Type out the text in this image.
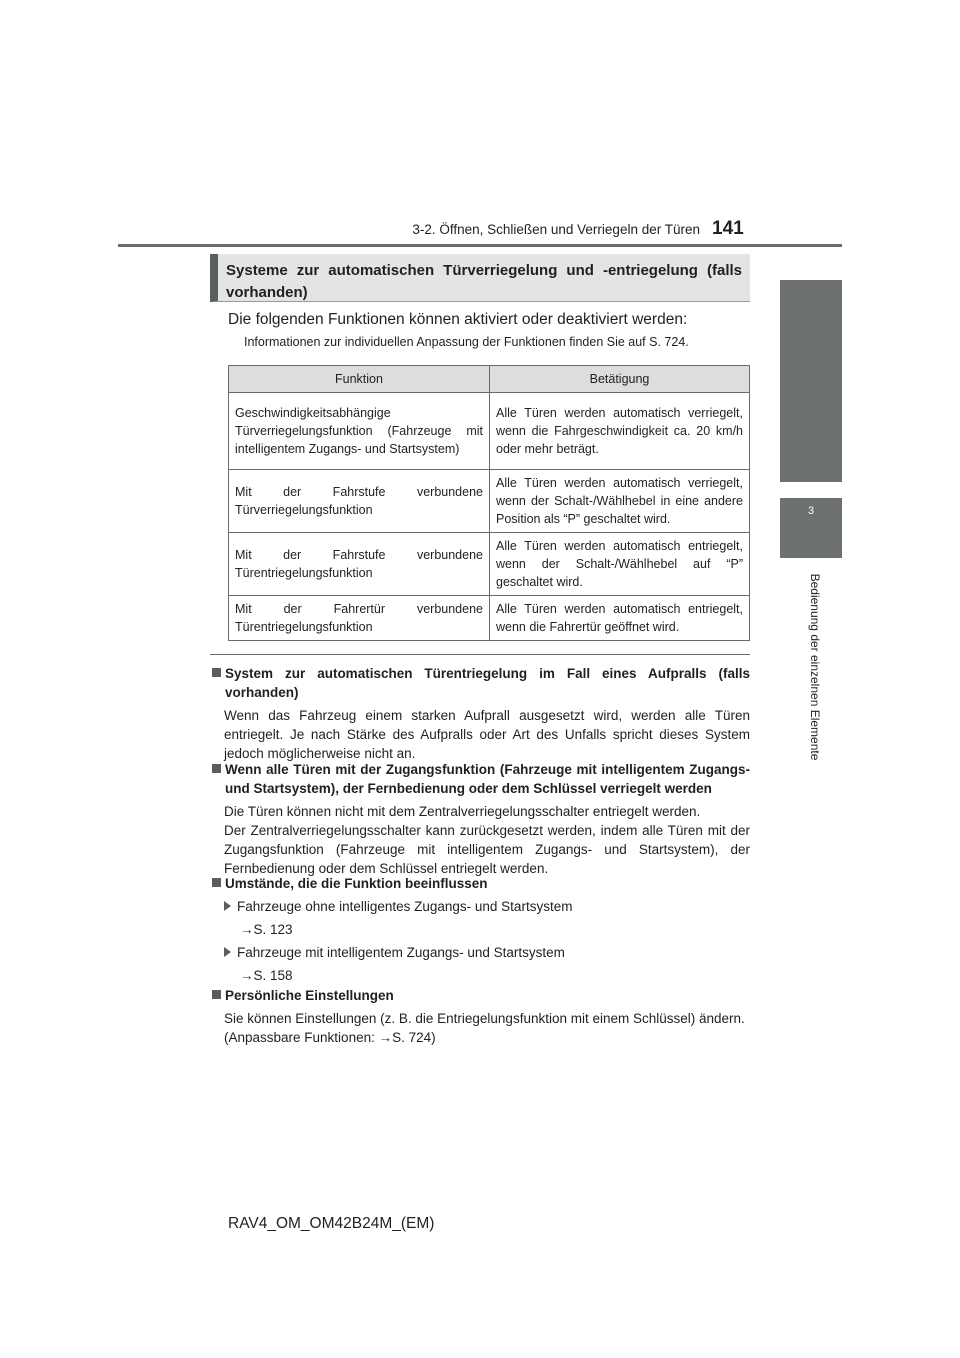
3-2. Öffnen, Schließen und Verriegeln der Türen 141
3
Bedienung der einzelnen Elemente
Systeme zur automatischen Türverriegelung und -entriegelung (falls vorhanden)
Die folgenden Funktionen können aktiviert oder deaktiviert werden:
Informationen zur individuellen Anpassung der Funktionen finden Sie auf S. 724.
Funktion	Betätigung
Geschwindigkeitsabhängige Türverriegelungsfunktion (Fahrzeuge mit intelligentem Zugangs- und Startsystem)	Alle Türen werden automatisch verriegelt, wenn die Fahrgeschwindigkeit ca. 20 km/h oder mehr beträgt.
Mit der Fahrstufe verbundene Türverriegelungsfunktion	Alle Türen werden automatisch verriegelt, wenn der Schalt-/Wählhebel in eine andere Position als “P” geschaltet wird.
Mit der Fahrstufe verbundene Türentriegelungsfunktion	Alle Türen werden automatisch entriegelt, wenn der Schalt-/Wählhebel auf “P” geschaltet wird.
Mit der Fahrertür verbundene Türentriegelungsfunktion	Alle Türen werden automatisch entriegelt, wenn die Fahrertür geöffnet wird.
System zur automatischen Türentriegelung im Fall eines Aufpralls (falls vorhanden)
Wenn das Fahrzeug einem starken Aufprall ausgesetzt wird, werden alle Türen entriegelt. Je nach Stärke des Aufpralls oder Art des Unfalls spricht dieses System jedoch möglicherweise nicht an.
Wenn alle Türen mit der Zugangsfunktion (Fahrzeuge mit intelligentem Zugangs- und Startsystem), der Fernbedienung oder dem Schlüssel verriegelt werden
Die Türen können nicht mit dem Zentralverriegelungsschalter entriegelt werden.
Der Zentralverriegelungsschalter kann zurückgesetzt werden, indem alle Türen mit der Zugangsfunktion (Fahrzeuge mit intelligentem Zugangs- und Startsystem), der Fernbedienung oder dem Schlüssel entriegelt werden.
Umstände, die die Funktion beeinflussen
Fahrzeuge ohne intelligentes Zugangs- und Startsystem
→S. 123
Fahrzeuge mit intelligentem Zugangs- und Startsystem
→S. 158
Persönliche Einstellungen
Sie können Einstellungen (z. B. die Entriegelungsfunktion mit einem Schlüssel) ändern.
(Anpassbare Funktionen: →S. 724)
RAV4_OM_OM42B24M_(EM)
